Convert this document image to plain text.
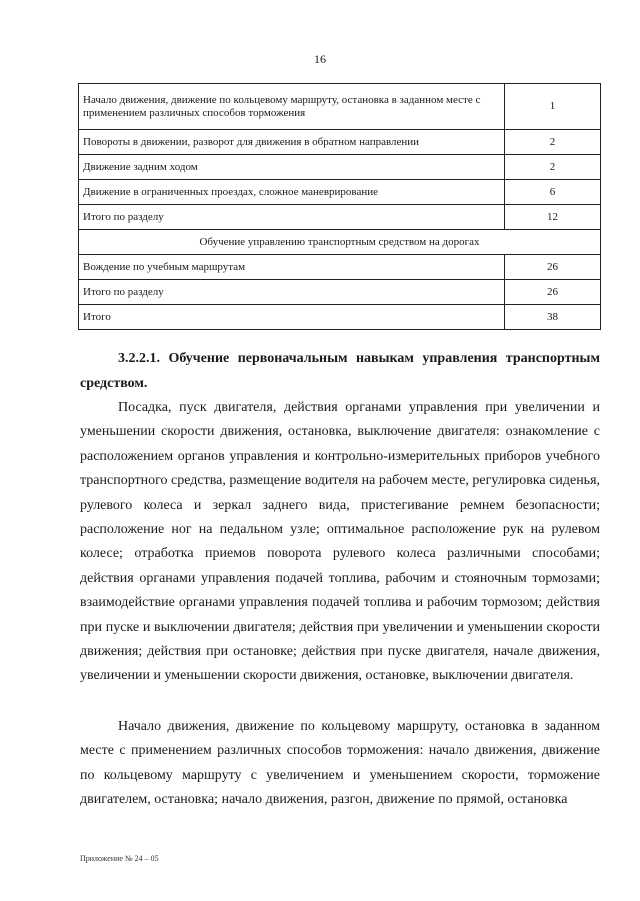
16
Начало движения, движение по кольцевому маршруту, остановка в заданном месте с применением различных способов торможения	1
Повороты в движении, разворот для движения в обратном направлении	2
Движение задним ходом	2
Движение в ограниченных проездах, сложное маневрирование	6
Итого по разделу	12
Обучение управлению транспортным средством на дорогах	
Вождение по учебным маршрутам	26
Итого по разделу	26
Итого	38
3.2.2.1. Обучение первоначальным навыкам управления транспортным средством.

Посадка, пуск двигателя, действия органами управления при увеличении и уменьшении скорости движения, остановка, выключение двигателя: ознакомление с расположением органов управления и контрольно-измерительных приборов учебного транспортного средства, размещение водителя на рабочем месте, регулировка сиденья, рулевого колеса и зеркал заднего вида, пристегивание ремнем безопасности; расположение ног на педальном узле; оптимальное расположение рук на рулевом колесе; отработка приемов поворота рулевого колеса различными способами; действия органами управления подачей топлива, рабочим и стояночным тормозами; взаимодействие органами управления подачей топлива и рабочим тормозом; действия при пуске и выключении двигателя; действия при увеличении и уменьшении скорости движения; действия при остановке; действия при пуске двигателя, начале движения, увеличении и уменьшении скорости движения, остановке, выключении двигателя.

Начало движения, движение по кольцевому маршруту, остановка в заданном месте с применением различных способов торможения: начало движения, движение по кольцевому маршруту с увеличением и уменьшением скорости, торможение двигателем, остановка; начало движения, разгон, движение по прямой, остановка

Приложение № 24 – 05
